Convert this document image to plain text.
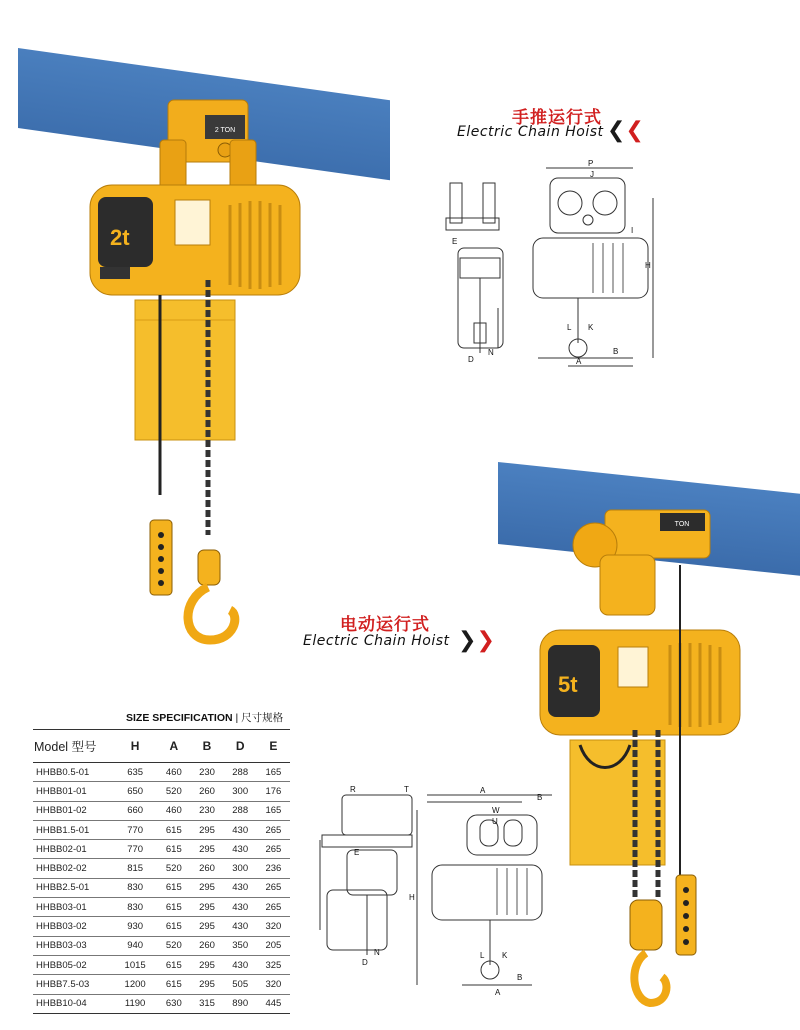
2 TON
2t
手推运行式
Electric Chain Hoist ❮❮
P
J
I
E
H
L K
D
N
A
B
电动运行式
Electric Chain Hoist ❯❯
TON
5t
R	T	A
B
W
U
E
H
L K
D
N
A
B
SIZE SPECIFICATION | 尺寸规格
Model 型号	H	A	B	D	E
HHBB0.5-01	635	460	230	288	165
HHBB01-01	650	520	260	300	176
HHBB01-02	660	460	230	288	165
HHBB1.5-01	770	615	295	430	265
HHBB02-01	770	615	295	430	265
HHBB02-02	815	520	260	300	236
HHBB2.5-01	830	615	295	430	265
HHBB03-01	830	615	295	430	265
HHBB03-02	930	615	295	430	320
HHBB03-03	940	520	260	350	205
HHBB05-02	1015	615	295	430	325
HHBB7.5-03	1200	615	295	505	320
HHBB10-04	1190	630	315	890	445
